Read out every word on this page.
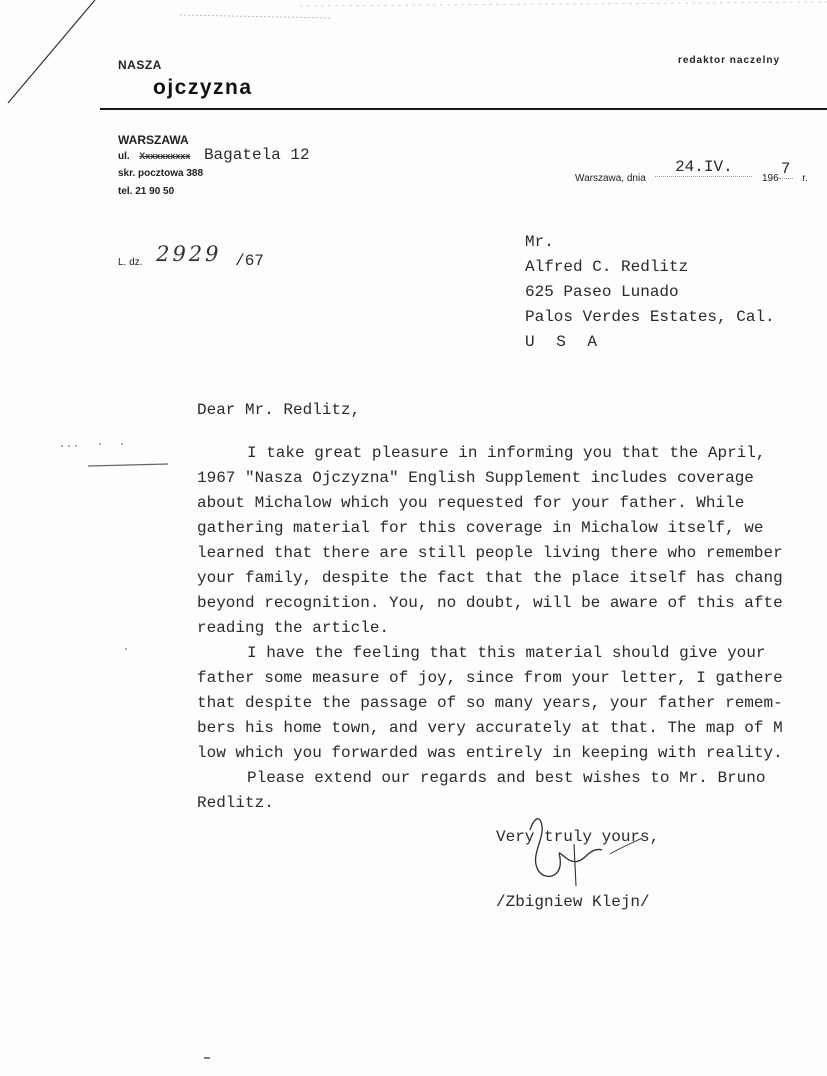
NASZA
ojczyzna
redaktor naczelny
WARSZAWA
ul. Xxxxxxxxxx Bagatela 12
skr. pocztowa 388
tel. 21 90 50
Warszawa, dnia 24.IV. 1967 r.
L. dz. 2929 /67
Mr.
Alfred C. Redlitz
625 Paseo Lunado
Palos Verdes Estates, Cal.
U S A
Dear Mr. Redlitz,
I take great pleasure in informing you that the April,
1967 "Nasza Ojczyzna" English Supplement includes coverage
about Michalow which you requested for your father. While
gathering material for this coverage in Michalow itself, we
learned that there are still people living there who remember
your family, despite the fact that the place itself has chang
beyond recognition. You, no doubt, will be aware of this afte
reading the article.
I have the feeling that this material should give your
father some measure of joy, since from your letter, I gathere
that despite the passage of so many years, your father remem-
bers his home town, and very accurately at that. The map of M
low which you forwarded was entirely in keeping with reality.
Please extend our regards and best wishes to Mr. Bruno
Redlitz.
Very truly yours,
/Zbigniew Klejn/
